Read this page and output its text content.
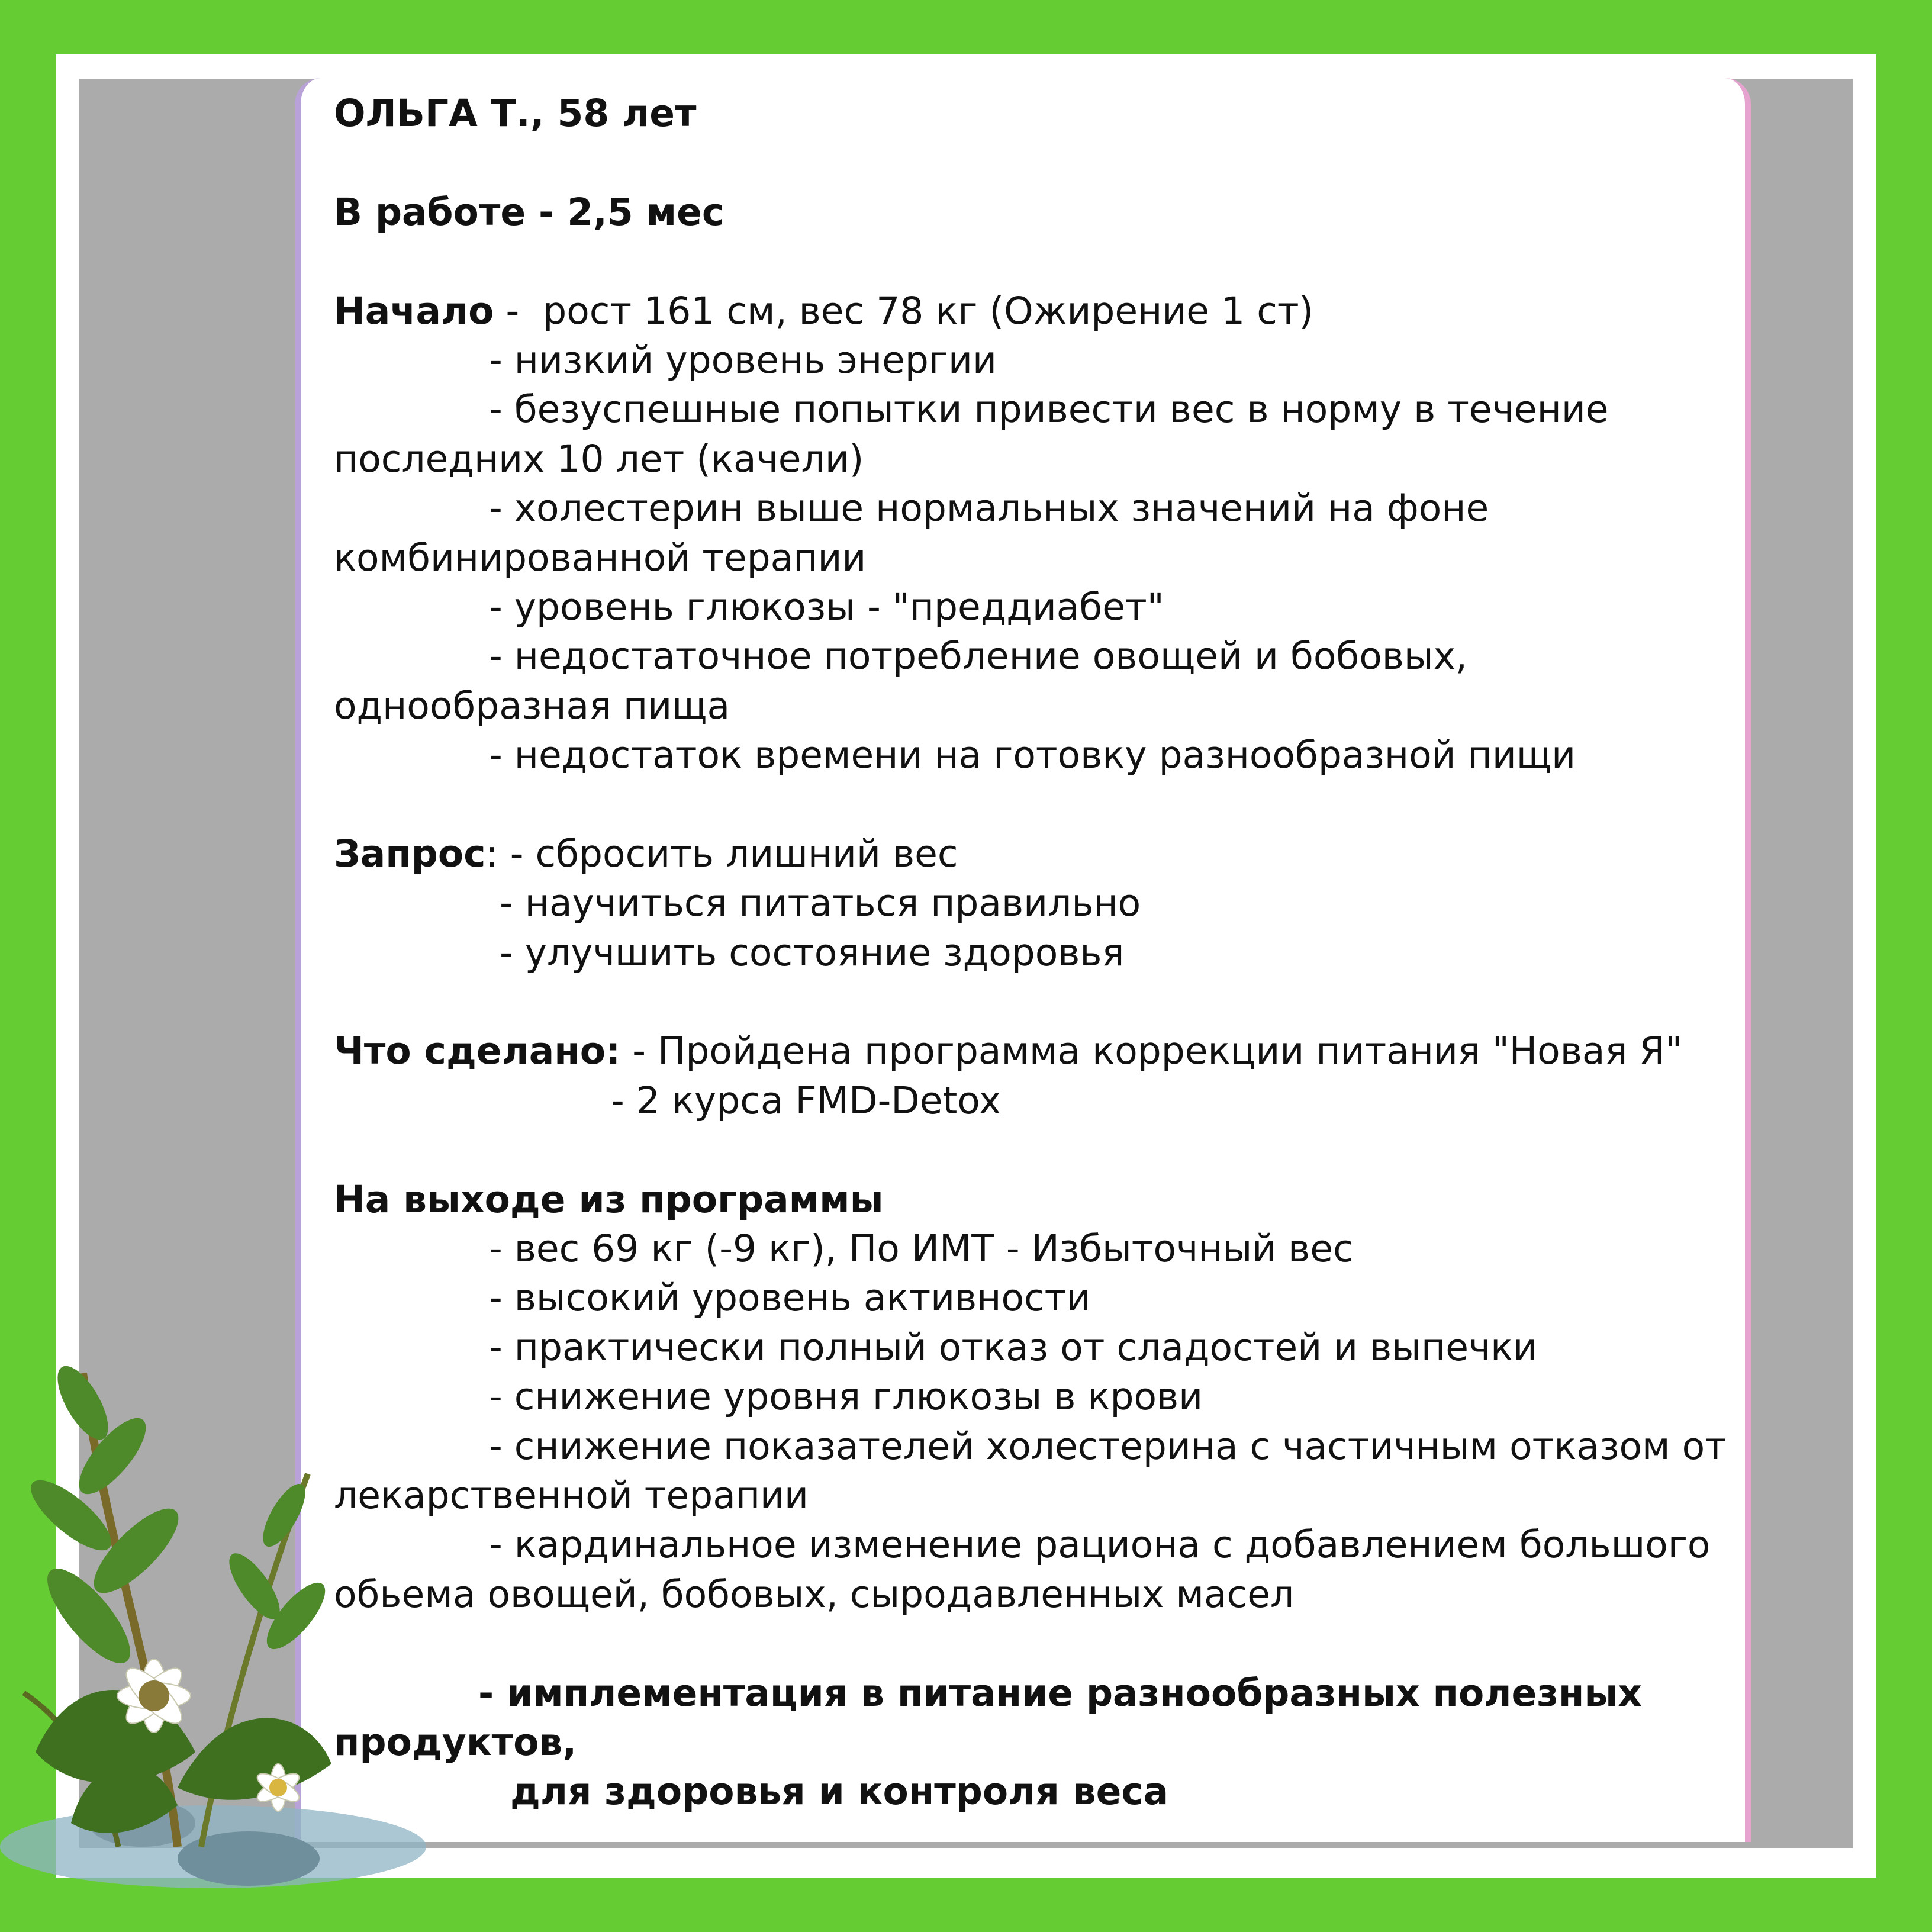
ОЛЬГА Т., 58 лет
В работе - 2,5 мес
Начало -  рост 161 см, вес 78 кг (Ожирение 1 ст)
- низкий уровень энергии
- безуспешные попытки привести вес в норму в течение
последних 10 лет (качели)
- холестерин выше нормальных значений на фоне
комбинированной терапии
- уровень глюкозы - "преддиабет"
- недостаточное потребление овощей и бобовых,
однообразная пища
- недостаток времени на готовку разнообразной пищи
Запрос: - сбросить лишний вес
- научиться питаться правильно
- улучшить состояние здоровья
Что сделано: - Пройдена программа коррекции питания "Новая Я"
- 2 курса FMD-Detox
На выходе из программы
- вес 69 кг (-9 кг), По ИМТ - Избыточный вес
- высокий уровень активности
- практически полный отказ от сладостей и выпечки
- снижение уровня глюкозы в крови
- снижение показателей холестерина с частичным отказом от
лекарственной терапии
- кардинальное изменение рациона с добавлением большого
обьема овощей, бобовых, сыродавленных масел
- имплементация в питание разнообразных полезных
продуктов,
для здоровья и контроля веса
